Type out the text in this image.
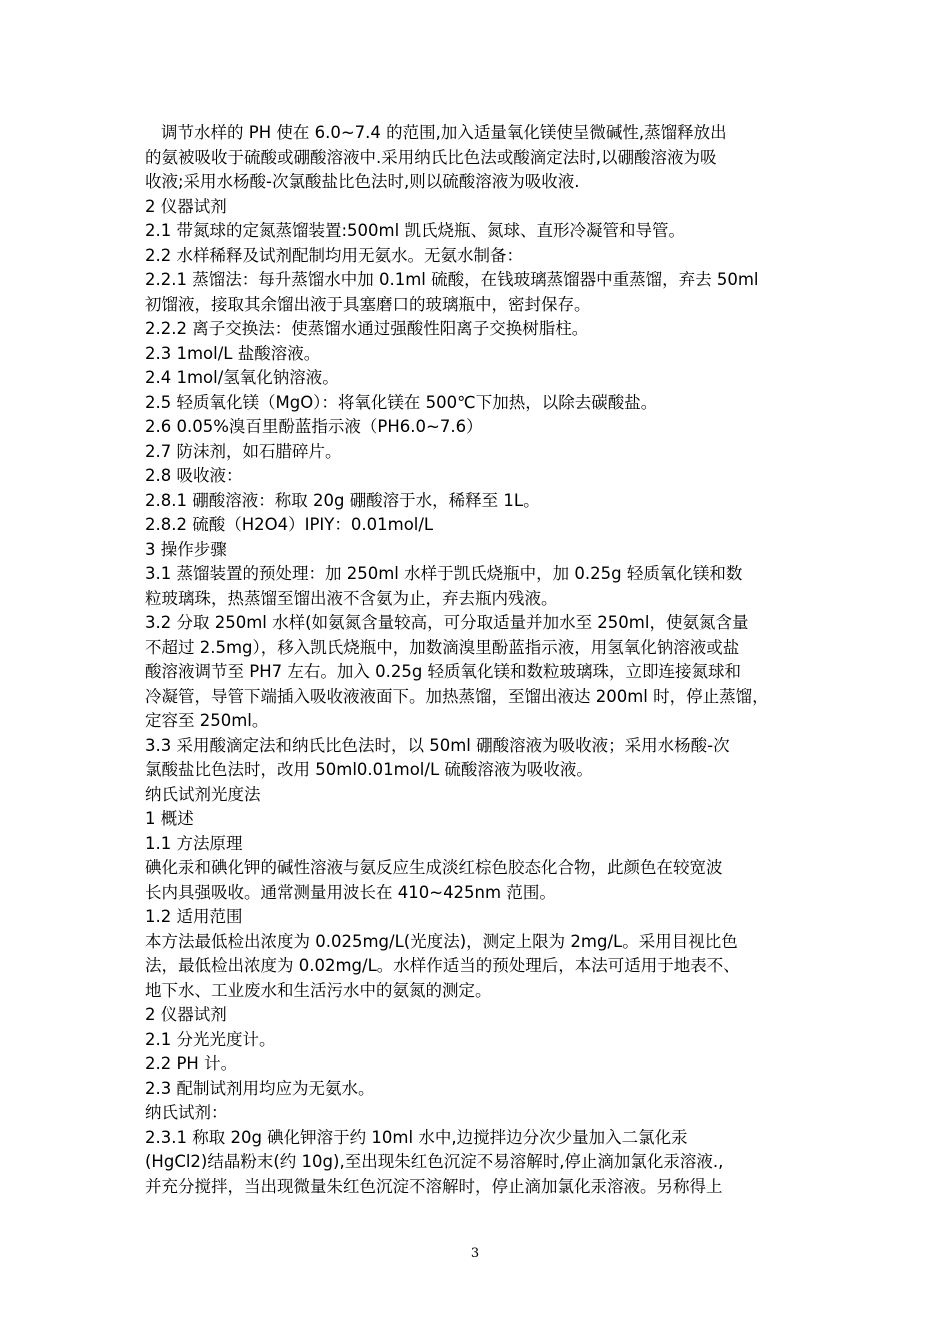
调节水样的 PH 使在 6.0~7.4 的范围,加入适量氧化镁使呈微碱性,蒸馏释放出
的氨被吸收于硫酸或硼酸溶液中.采用纳氏比色法或酸滴定法时,以硼酸溶液为吸
收液;采用水杨酸-次氯酸盐比色法时,则以硫酸溶液为吸收液.
2 仪器试剂
2.1 带氮球的定氮蒸馏装置:500ml 凯氏烧瓶、氮球、直形冷凝管和导管。
2.2 水样稀释及试剂配制均用无氨水。无氨水制备：
2.2.1 蒸馏法：每升蒸馏水中加 0.1ml 硫酸，在钱玻璃蒸馏器中重蒸馏，弃去 50ml
初馏液，接取其余馏出液于具塞磨口的玻璃瓶中，密封保存。
2.2.2 离子交换法：使蒸馏水通过强酸性阳离子交换树脂柱。
2.3 1mol/L 盐酸溶液。
2.4 1mol/氢氧化钠溶液。
2.5 轻质氧化镁（MgO）：将氧化镁在 500℃下加热，以除去碳酸盐。
2.6 0.05%溴百里酚蓝指示液（PH6.0~7.6）
2.7 防沫剂，如石腊碎片。
2.8 吸收液：
2.8.1 硼酸溶液：称取 20g 硼酸溶于水，稀释至 1L。
2.8.2 硫酸（H2O4）IPIY：0.01mol/L
3 操作步骤
3.1 蒸馏装置的预处理：加 250ml 水样于凯氏烧瓶中，加 0.25g 轻质氧化镁和数
粒玻璃珠，热蒸馏至馏出液不含氨为止，弃去瓶内残液。
3.2 分取 250ml 水样(如氨氮含量较高，可分取适量并加水至 250ml，使氨氮含量
不超过 2.5mg），移入凯氏烧瓶中，加数滴溴里酚蓝指示液，用氢氧化钠溶液或盐
酸溶液调节至 PH7 左右。加入 0.25g 轻质氧化镁和数粒玻璃珠，立即连接氮球和
冷凝管，导管下端插入吸收液液面下。加热蒸馏，至馏出液达 200ml 时，停止蒸馏，
定容至 250ml。
3.3 采用酸滴定法和纳氏比色法时，以 50ml 硼酸溶液为吸收液；采用水杨酸-次
氯酸盐比色法时，改用 50ml0.01mol/L 硫酸溶液为吸收液。
纳氏试剂光度法
1 概述
1.1 方法原理
碘化汞和碘化钾的碱性溶液与氨反应生成淡红棕色胶态化合物，此颜色在较宽波
长内具强吸收。通常测量用波长在 410~425nm 范围。
1.2 适用范围
本方法最低检出浓度为 0.025mg/L(光度法)，测定上限为 2mg/L。采用目视比色
法，最低检出浓度为 0.02mg/L。水样作适当的预处理后，本法可适用于地表不、
地下水、工业废水和生活污水中的氨氮的测定。
2 仪器试剂
2.1 分光光度计。
2.2 PH 计。
2.3 配制试剂用均应为无氨水。
纳氏试剂：
2.3.1 称取 20g 碘化钾溶于约 10ml 水中,边搅拌边分次少量加入二氯化汞
(HgCl2)结晶粉末(约 10g),至出现朱红色沉淀不易溶解时,停止滴加氯化汞溶液.,
并充分搅拌，当出现微量朱红色沉淀不溶解时，停止滴加氯化汞溶液。另称得上
3
